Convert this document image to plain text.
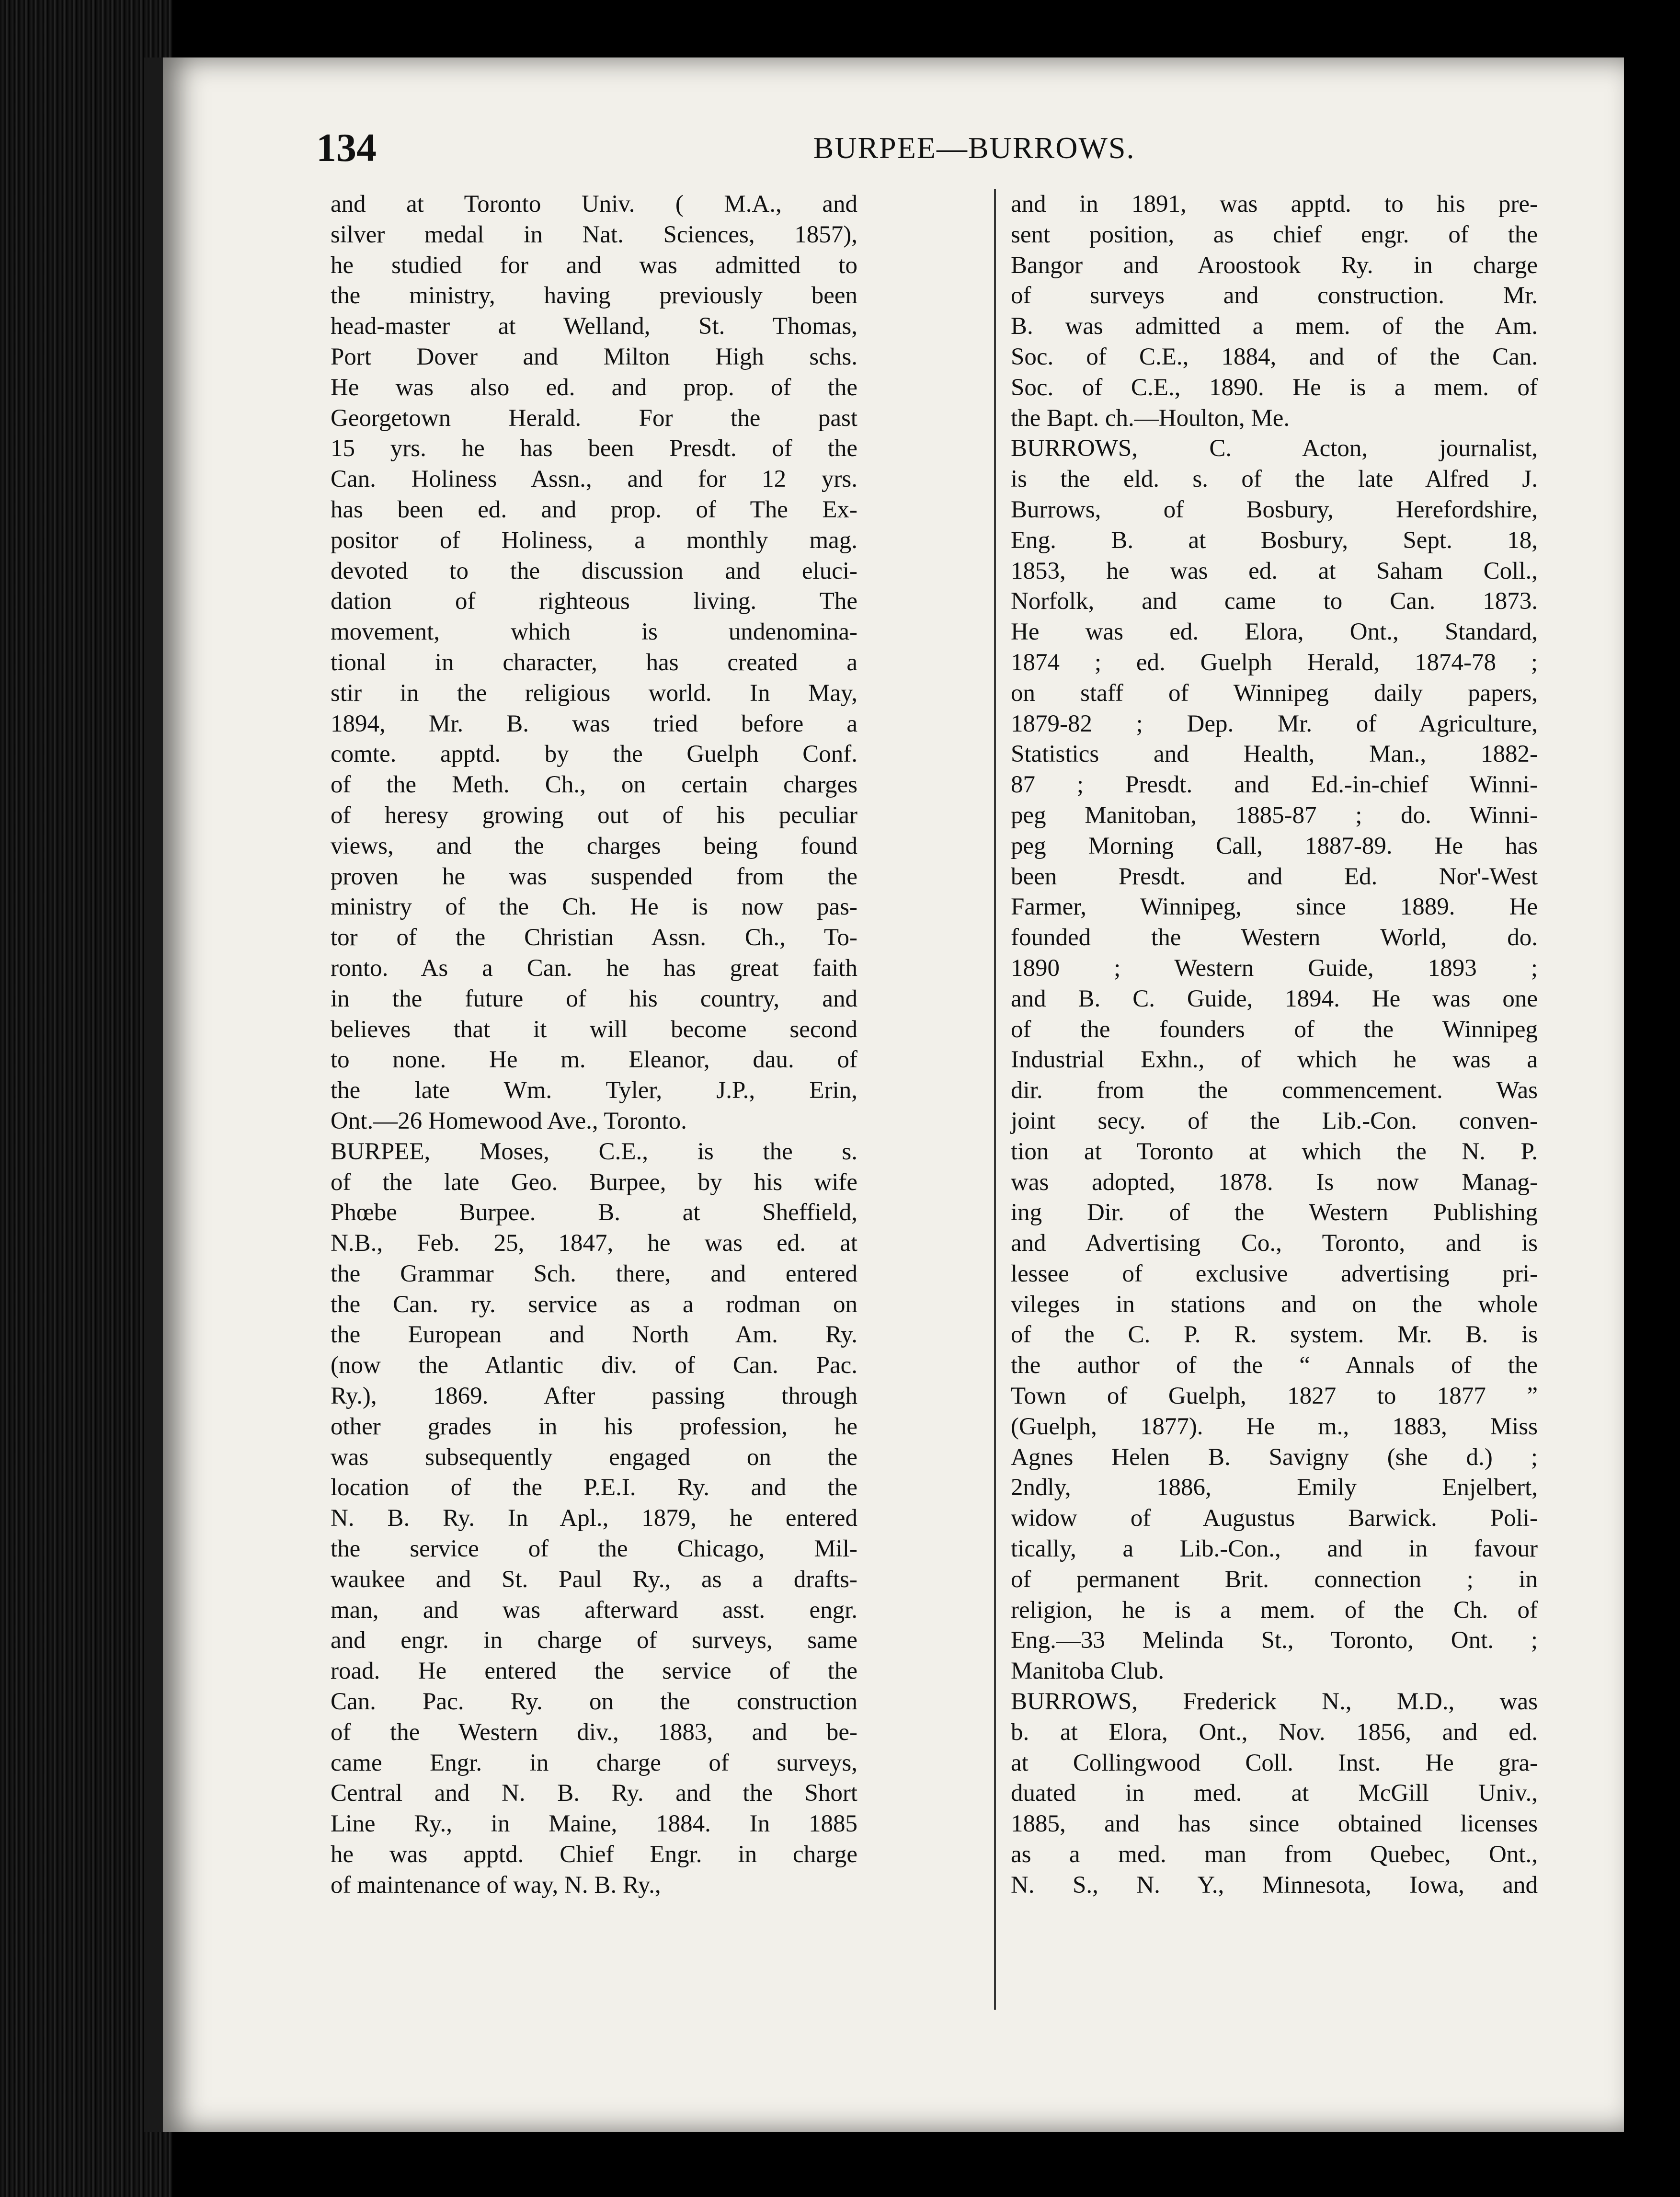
134	BURPEE—BURROWS.
and at Toronto Univ. ( M.A., and
silver medal in Nat. Sciences, 1857),
he studied for and was admitted to
the ministry, having previously been
head-master at Welland, St. Thomas,
Port Dover and Milton High schs.
He was also ed. and prop. of the
Georgetown Herald. For the past
15 yrs. he has been Presdt. of the
Can. Holiness Assn., and for 12 yrs.
has been ed. and prop. of The Ex-
positor of Holiness, a monthly mag.
devoted to the discussion and eluci-
dation of righteous living. The
movement, which is undenomina-
tional in character, has created a
stir in the religious world. In May,
1894, Mr. B. was tried before a
comte. apptd. by the Guelph Conf.
of the Meth. Ch., on certain charges
of heresy growing out of his peculiar
views, and the charges being found
proven he was suspended from the
ministry of the Ch. He is now pas-
tor of the Christian Assn. Ch., To-
ronto. As a Can. he has great faith
in the future of his country, and
believes that it will become second
to none. He m. Eleanor, dau. of
the late Wm. Tyler, J.P., Erin,
Ont.—26 Homewood Ave., Toronto.
BURPEE, Moses, C.E., is the s.
of the late Geo. Burpee, by his wife
Phœbe Burpee. B. at Sheffield,
N.B., Feb. 25, 1847, he was ed. at
the Grammar Sch. there, and entered
the Can. ry. service as a rodman on
the European and North Am. Ry.
(now the Atlantic div. of Can. Pac.
Ry.), 1869. After passing through
other grades in his profession, he
was subsequently engaged on the
location of the P.E.I. Ry. and the
N. B. Ry. In Apl., 1879, he entered
the service of the Chicago, Mil-
waukee and St. Paul Ry., as a drafts-
man, and was afterward asst. engr.
and engr. in charge of surveys, same
road. He entered the service of the
Can. Pac. Ry. on the construction
of the Western div., 1883, and be-
came Engr. in charge of surveys,
Central and N. B. Ry. and the Short
Line Ry., in Maine, 1884. In 1885
he was apptd. Chief Engr. in charge
of maintenance of way, N. B. Ry.,
and in 1891, was apptd. to his pre-
sent position, as chief engr. of the
Bangor and Aroostook Ry. in charge
of surveys and construction. Mr.
B. was admitted a mem. of the Am.
Soc. of C.E., 1884, and of the Can.
Soc. of C.E., 1890. He is a mem. of
the Bapt. ch.—Houlton, Me.
BURROWS, C. Acton, journalist,
is the eld. s. of the late Alfred J.
Burrows, of Bosbury, Herefordshire,
Eng. B. at Bosbury, Sept. 18,
1853, he was ed. at Saham Coll.,
Norfolk, and came to Can. 1873.
He was ed. Elora, Ont., Standard,
1874 ; ed. Guelph Herald, 1874-78 ;
on staff of Winnipeg daily papers,
1879-82 ; Dep. Mr. of Agriculture,
Statistics and Health, Man., 1882-
87 ; Presdt. and Ed.-in-chief Winni-
peg Manitoban, 1885-87 ; do. Winni-
peg Morning Call, 1887-89. He has
been Presdt. and Ed. Nor'-West
Farmer, Winnipeg, since 1889. He
founded the Western World, do.
1890 ; Western Guide, 1893 ;
and B. C. Guide, 1894. He was one
of the founders of the Winnipeg
Industrial Exhn., of which he was a
dir. from the commencement. Was
joint secy. of the Lib.-Con. conven-
tion at Toronto at which the N. P.
was adopted, 1878. Is now Manag-
ing Dir. of the Western Publishing
and Advertising Co., Toronto, and is
lessee of exclusive advertising pri-
vileges in stations and on the whole
of the C. P. R. system. Mr. B. is
the author of the “ Annals of the
Town of Guelph, 1827 to 1877 ”
(Guelph, 1877). He m., 1883, Miss
Agnes Helen B. Savigny (she d.) ;
2ndly, 1886, Emily Enjelbert,
widow of Augustus Barwick. Poli-
tically, a Lib.-Con., and in favour
of permanent Brit. connection ; in
religion, he is a mem. of the Ch. of
Eng.—33 Melinda St., Toronto, Ont. ;
Manitoba Club.
BURROWS, Frederick N., M.D., was
b. at Elora, Ont., Nov. 1856, and ed.
at Collingwood Coll. Inst. He gra-
duated in med. at McGill Univ.,
1885, and has since obtained licenses
as a med. man from Quebec, Ont.,
N. S., N. Y., Minnesota, Iowa, and
